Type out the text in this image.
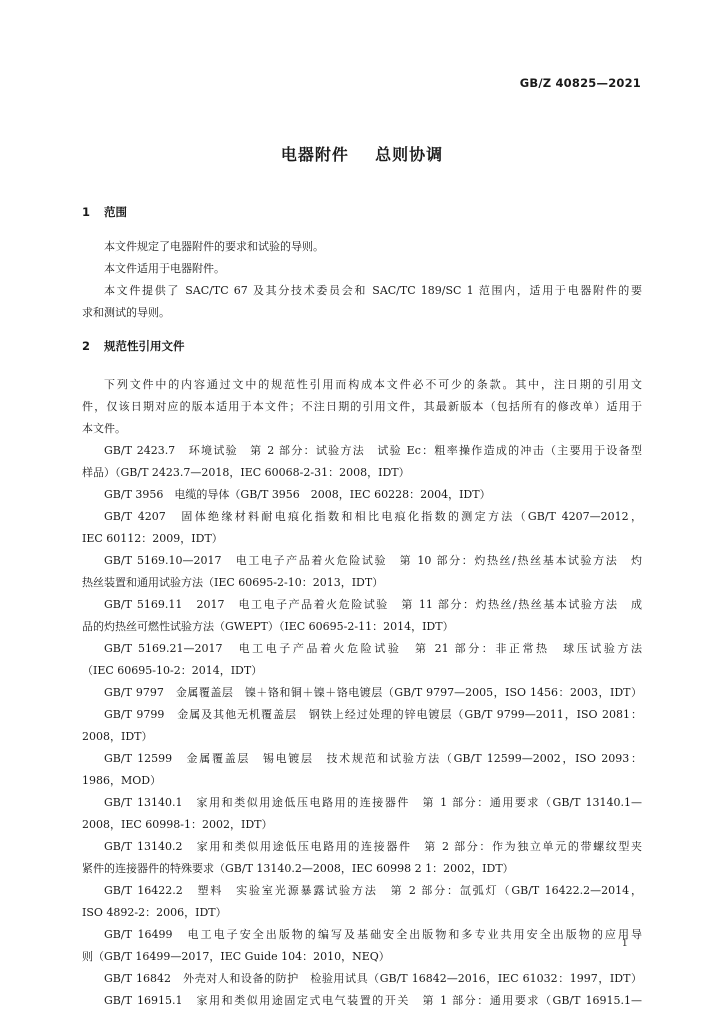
GB/Z 40825—2021
电器附件    总则协调
1 范围
本文件规定了电器附件的要求和试验的导则。
本文件适用于电器附件。
本文件提供了 SAC/TC 67 及其分技术委员会和 SAC/TC 189/SC 1 范围内，适用于电器附件的要
求和测试的导则。
2 规范性引用文件
下列文件中的内容通过文中的规范性引用而构成本文件必不可少的条款。其中，注日期的引用文
件，仅该日期对应的版本适用于本文件；不注日期的引用文件，其最新版本（包括所有的修改单）适用于
本文件。
GB/T 2423.7　环境试验　第 2 部分：试验方法　试验 Ec：粗率操作造成的冲击（主要用于设备型
样品）（GB/T 2423.7—2018，IEC 60068-2-31：2008，IDT）
GB/T 3956　电缆的导体（GB/T 3956　2008，IEC 60228：2004，IDT）
GB/T 4207　固体绝缘材料耐电痕化指数和相比电痕化指数的测定方法（GB/T 4207—2012，
IEC 60112：2009，IDT）
GB/T 5169.10—2017　电工电子产品着火危险试验　第 10 部分：灼热丝/热丝基本试验方法　灼
热丝装置和通用试验方法（IEC 60695-2-10：2013，IDT）
GB/T 5169.11　2017　电工电子产品着火危险试验　第 11 部分：灼热丝/热丝基本试验方法　成
品的灼热丝可燃性试验方法（GWEPT）（IEC 60695-2-11：2014，IDT）
GB/T 5169.21—2017　电工电子产品着火危险试验　第 21 部分：非正常热　球压试验方法
（IEC 60695-10-2：2014，IDT）
GB/T 9797　金属覆盖层　镍＋铬和铜＋镍＋铬电镀层（GB/T 9797—2005，ISO 1456：2003，IDT）
GB/T 9799　金属及其他无机覆盖层　钢铁上经过处理的锌电镀层（GB/T 9799—2011，ISO 2081：
2008，IDT）
GB/T 12599　金属覆盖层　锡电镀层　技术规范和试验方法（GB/T 12599—2002，ISO 2093：
1986，MOD）
GB/T 13140.1　家用和类似用途低压电路用的连接器件　第 1 部分：通用要求（GB/T 13140.1—
2008，IEC 60998-1：2002，IDT）
GB/T 13140.2　家用和类似用途低压电路用的连接器件　第 2 部分：作为独立单元的带螺纹型夹
紧件的连接器件的特殊要求（GB/T 13140.2—2008，IEC 60998 2 1：2002，IDT）
GB/T 16422.2　塑料　实验室光源暴露试验方法　第 2 部分：氙弧灯（GB/T 16422.2—2014，
ISO 4892-2：2006，IDT）
GB/T 16499　电工电子安全出版物的编写及基础安全出版物和多专业共用安全出版物的应用导
则（GB/T 16499—2017，IEC Guide 104：2010，NEQ）
GB/T 16842　外壳对人和设备的防护　检验用试具（GB/T 16842—2016，IEC 61032：1997，IDT）
GB/T 16915.1　家用和类似用途固定式电气装置的开关　第 1 部分：通用要求（GB/T 16915.1—
1
